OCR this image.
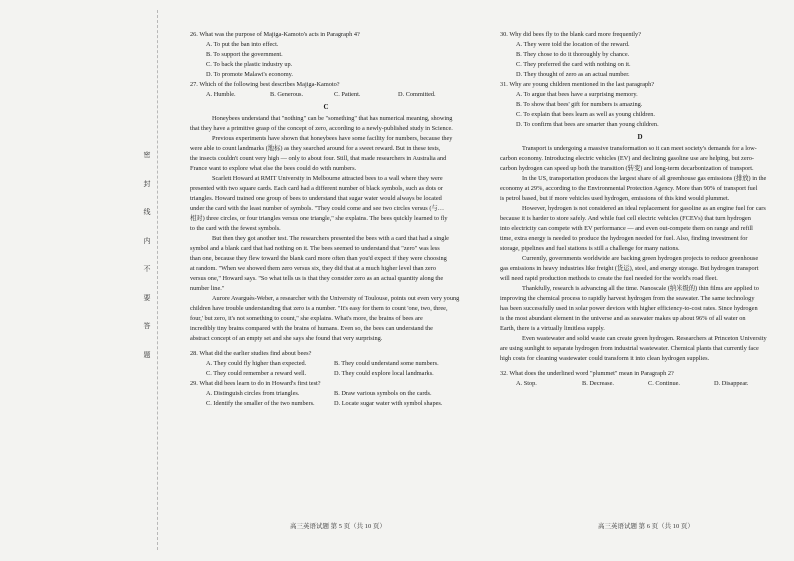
密
封
线
内
不
要
答
题
26. What was the purpose of Majiga-Kamoto's acts in Paragraph 4?
A. To put the ban into effect.
B. To support the government.
C. To back the plastic industry up.
D. To promote Malawi's economy.
27. Which of the following best describes Majiga-Kamoto?
A. Humble.	B. Generous.	C. Patient.	D. Committed.
C
Honeybees understand that "nothing" can be "something" that has numerical meaning, showing
that they have a primitive grasp of the concept of zero, according to a newly-published study in Science.
Previous experiments have shown that honeybees have some facility for numbers, because they
were able to count landmarks (地标) as they searched around for a sweet reward. But in these tests,
the insects couldn't count very high — only to about four. Still, that made researchers in Australia and
France want to explore what else the bees could do with numbers.
Scarlett Howard at RMIT University in Melbourne attracted bees to a wall where they were
presented with two square cards. Each card had a different number of black symbols, such as dots or
triangles. Howard trained one group of bees to understand that sugar water would always be located
under the card with the least number of symbols. "They could come and see two circles versus (与…
相对) three circles, or four triangles versus one triangle," she explains. The bees quickly learned to fly
to the card with the fewest symbols.
But then they got another test. The researchers presented the bees with a card that had a single
symbol and a blank card that had nothing on it. The bees seemed to understand that "zero" was less
than one, because they flew toward the blank card more often than you'd expect if they were choosing
at random. "When we showed them zero versus six, they did that at a much higher level than zero
versus one," Howard says. "So what tells us is that they consider zero as an actual quantity along the
number line."
Aurore Avarguès-Weber, a researcher with the University of Toulouse, points out even very young
children have trouble understanding that zero is a number. "It's easy for them to count 'one, two, three,
four,' but zero, it's not something to count," she explains. What's more, the brains of bees are
incredibly tiny brains compared with the brains of humans. Even so, the bees can understand the
abstract concept of an empty set and she says she found that very surprising.
28. What did the earlier studies find about bees?
A. They could fly higher than expected.	B. They could understand some numbers.
C. They could remember a reward well.	D. They could explore local landmarks.
29. What did bees learn to do in Howard's first test?
A. Distinguish circles from triangles.	B. Draw various symbols on the cards.
C. Identify the smaller of the two numbers.	D. Locate sugar water with symbol shapes.
30. Why did bees fly to the blank card more frequently?
A. They were told the location of the reward.
B. They chose to do it thoroughly by chance.
C. They preferred the card with nothing on it.
D. They thought of zero as an actual number.
31. Why are young children mentioned in the last paragraph?
A. To argue that bees have a surprising memory.
B. To show that bees' gift for numbers is amazing.
C. To explain that bees learn as well as young children.
D. To confirm that bees are smarter than young children.
D
Transport is undergoing a massive transformation so it can meet society's demands for a low-
carbon economy. Introducing electric vehicles (EV) and declining gasoline use are helping, but zero-
carbon hydrogen can speed up both the transition (转变) and long-term decarbonization of transport.
In the US, transportation produces the largest share of all greenhouse gas emissions (排放) in the
economy at 29%, according to the Environmental Protection Agency. More than 90% of transport fuel
is petrol based, but if more vehicles used hydrogen, emissions of this kind would plummet.
However, hydrogen is not considered an ideal replacement for gasoline as an engine fuel for cars
because it is harder to store safely. And while fuel cell electric vehicles (FCEVs) that turn hydrogen
into electricity can compete with EV performance — and even out-compete them on range and refill
time, extra energy is needed to produce the hydrogen needed for fuel. Also, finding investment for
storage, pipelines and fuel stations is still a challenge for many nations.
Currently, governments worldwide are backing green hydrogen projects to reduce greenhouse
gas emissions in heavy industries like freight (货运), steel, and energy storage. But hydrogen transport
will need rapid production methods to create the fuel needed for the world's road fleet.
Thankfully, research is advancing all the time. Nanoscale (纳米级的) thin films are applied to
improving the chemical process to rapidly harvest hydrogen from the seawater. The same technology
has been successfully used in solar power devices with higher efficiency-to-cost rates. Since hydrogen
is the most abundant element in the universe and as seawater makes up about 96% of all water on
Earth, there is a virtually limitless supply.
Even wastewater and solid waste can create green hydrogen. Researchers at Princeton University
are using sunlight to separate hydrogen from industrial wastewater. Chemical plants that currently face
high costs for cleaning wastewater could transform it into clean hydrogen supplies.
32. What does the underlined word "plummet" mean in Paragraph 2?
A. Stop.	B. Decrease.	C. Continue.	D. Disappear.
高三英语试题 第 5 页（共 10 页）	高三英语试题 第 6 页（共 10 页）
